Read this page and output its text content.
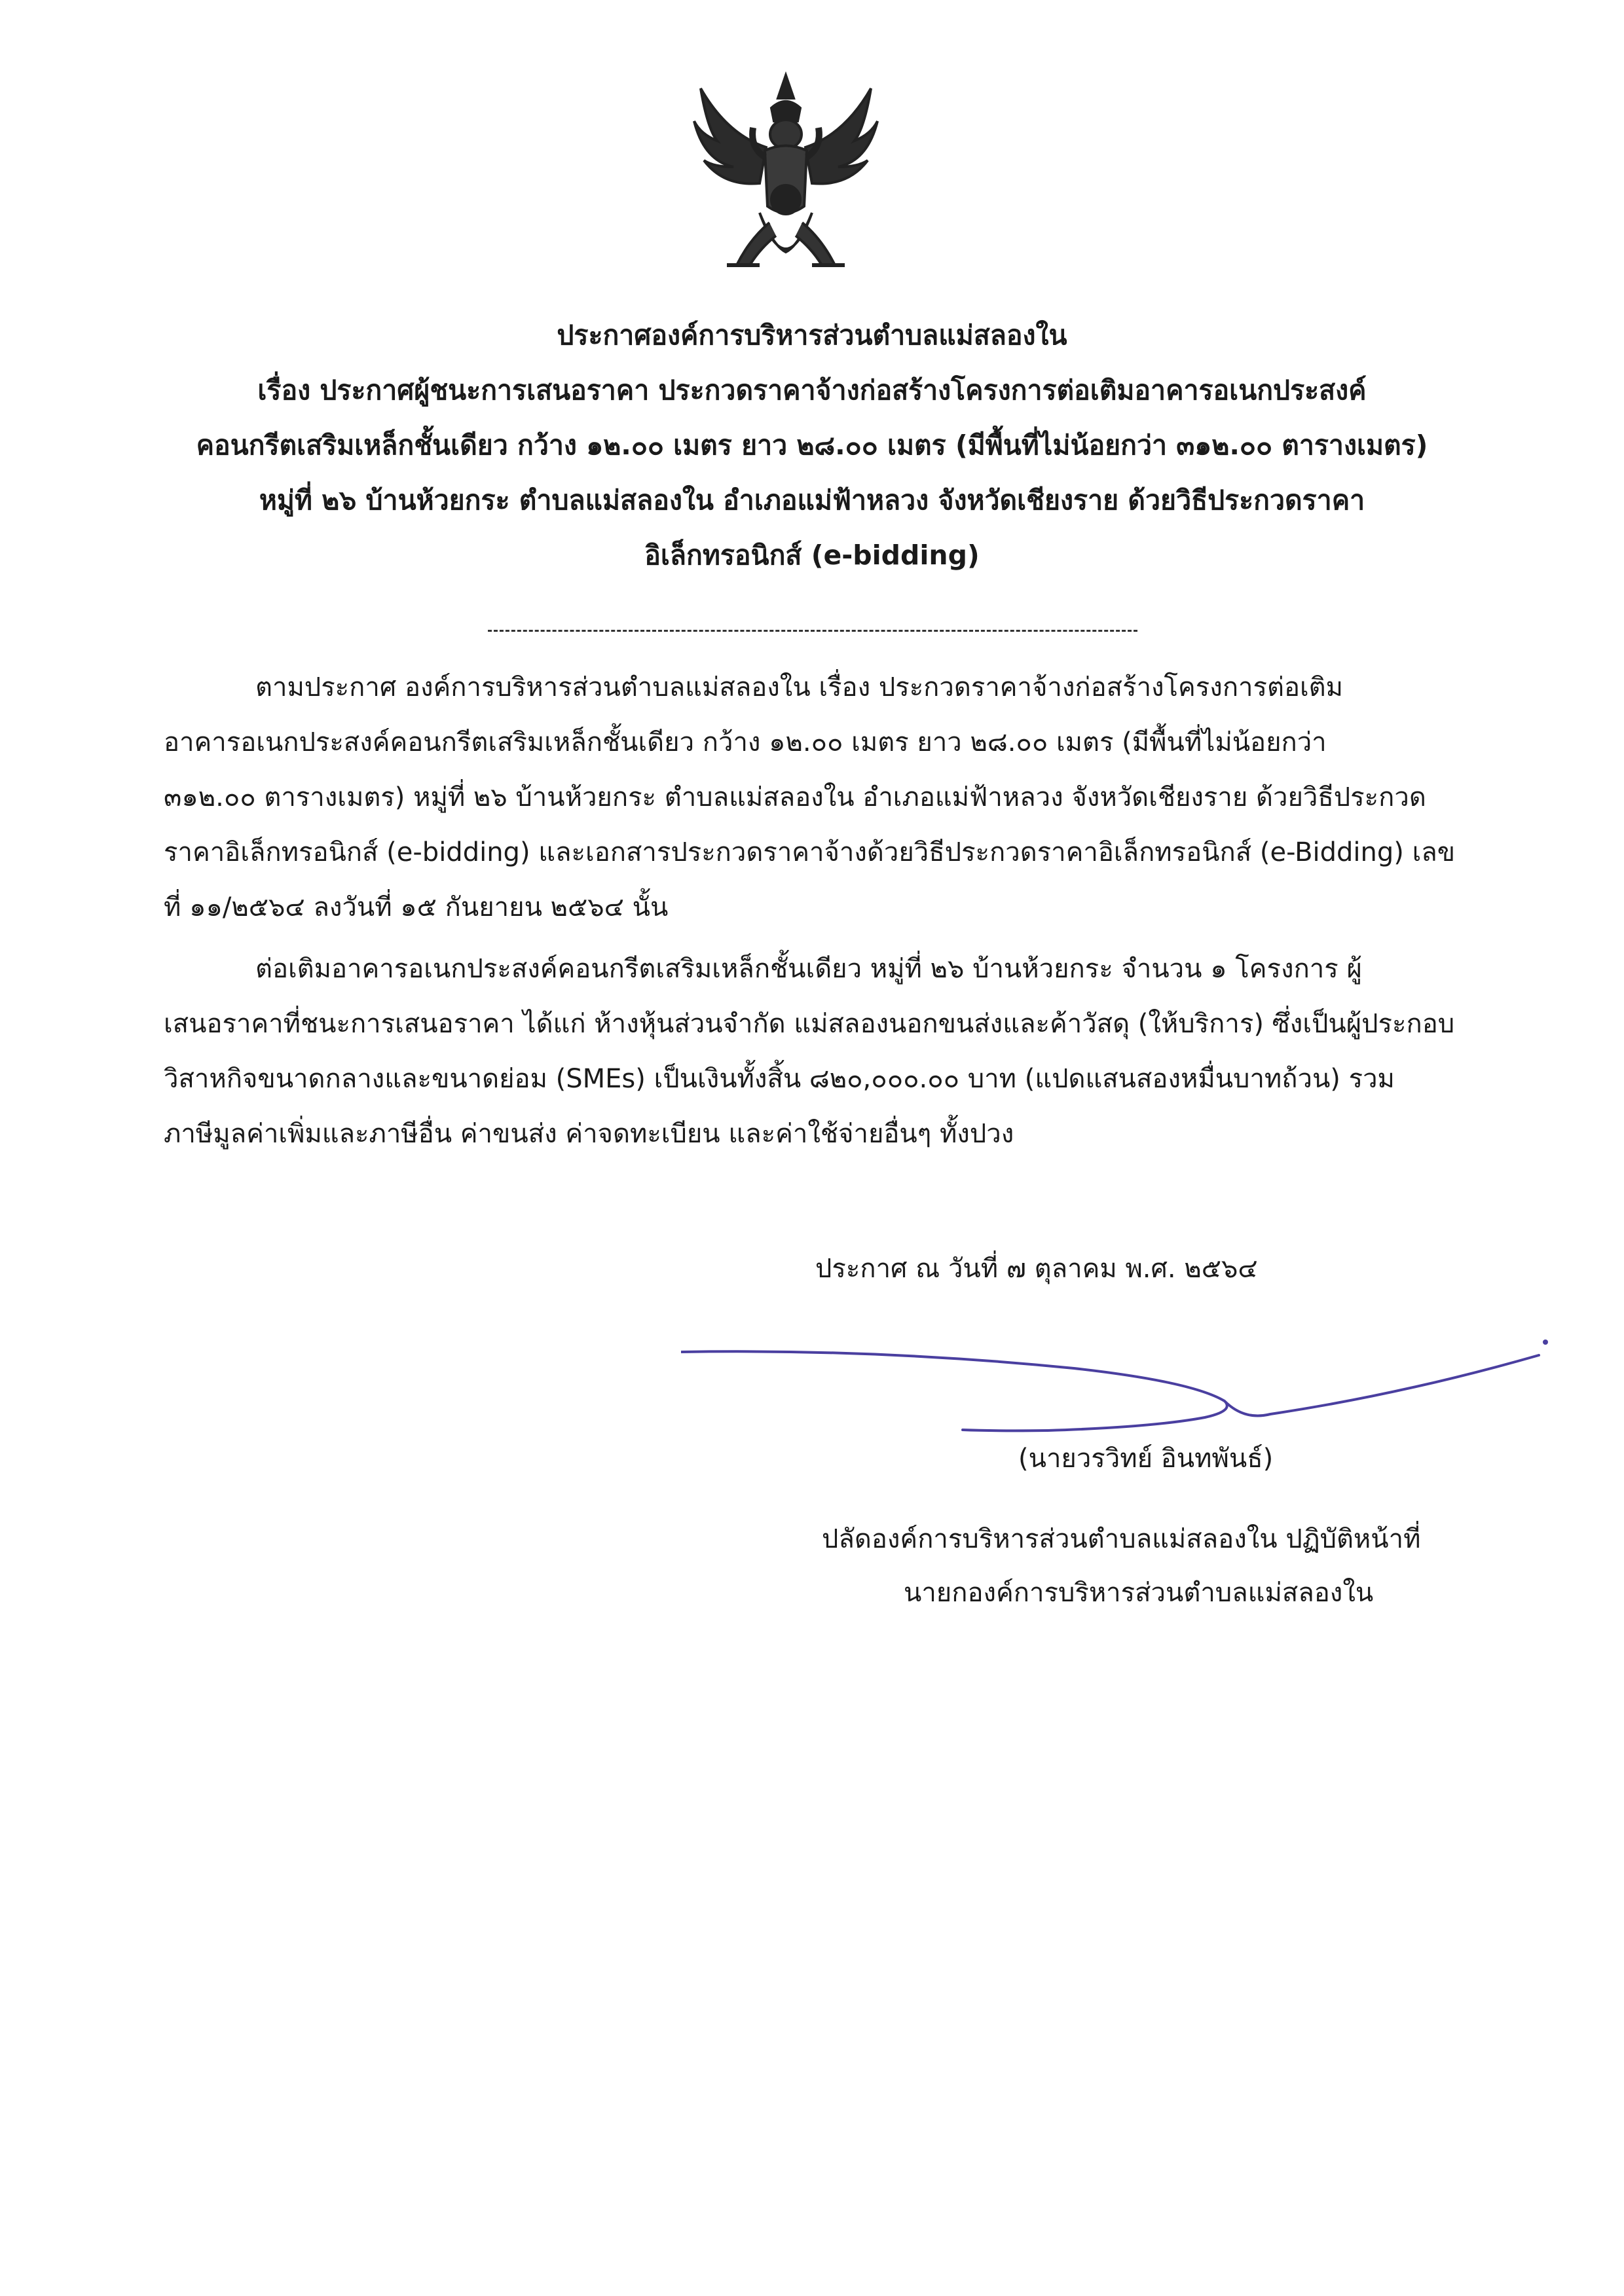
ประกาศองค์การบริหารส่วนตำบลแม่สลองใน
เรื่อง ประกาศผู้ชนะการเสนอราคา ประกวดราคาจ้างก่อสร้างโครงการต่อเติมอาคารอเนกประสงค์
คอนกรีตเสริมเหล็กชั้นเดียว กว้าง ๑๒.๐๐ เมตร ยาว ๒๘.๐๐ เมตร (มีพื้นที่ไม่น้อยกว่า ๓๑๒.๐๐ ตารางเมตร)
หมู่ที่ ๒๖ บ้านห้วยกระ ตำบลแม่สลองใน อำเภอแม่ฟ้าหลวง จังหวัดเชียงราย ด้วยวิธีประกวดราคา
อิเล็กทรอนิกส์ (e-bidding)
ตามประกาศ องค์การบริหารส่วนตำบลแม่สลองใน เรื่อง ประกวดราคาจ้างก่อสร้างโครงการต่อเติม
อาคารอเนกประสงค์คอนกรีตเสริมเหล็กชั้นเดียว กว้าง ๑๒.๐๐ เมตร ยาว ๒๘.๐๐ เมตร (มีพื้นที่ไม่น้อยกว่า
๓๑๒.๐๐ ตารางเมตร) หมู่ที่ ๒๖ บ้านห้วยกระ ตำบลแม่สลองใน อำเภอแม่ฟ้าหลวง จังหวัดเชียงราย ด้วยวิธีประกวด
ราคาอิเล็กทรอนิกส์ (e-bidding) และเอกสารประกวดราคาจ้างด้วยวิธีประกวดราคาอิเล็กทรอนิกส์ (e-Bidding) เลข
ที่ ๑๑/๒๕๖๔ ลงวันที่ ๑๕ กันยายน ๒๕๖๔ นั้น
ต่อเติมอาคารอเนกประสงค์คอนกรีตเสริมเหล็กชั้นเดียว หมู่ที่ ๒๖ บ้านห้วยกระ จำนวน ๑ โครงการ ผู้
เสนอราคาที่ชนะการเสนอราคา ได้แก่ ห้างหุ้นส่วนจำกัด แม่สลองนอกขนส่งและค้าวัสดุ (ให้บริการ) ซึ่งเป็นผู้ประกอบ
วิสาหกิจขนาดกลางและขนาดย่อม (SMEs) เป็นเงินทั้งสิ้น ๘๒๐,๐๐๐.๐๐ บาท (แปดแสนสองหมื่นบาทถ้วน) รวม
ภาษีมูลค่าเพิ่มและภาษีอื่น ค่าขนส่ง ค่าจดทะเบียน และค่าใช้จ่ายอื่นๆ ทั้งปวง
ประกาศ ณ วันที่ ๗ ตุลาคม พ.ศ. ๒๕๖๔
(นายวรวิทย์ อินทพันธ์)
ปลัดองค์การบริหารส่วนตำบลแม่สลองใน ปฏิบัติหน้าที่
นายกองค์การบริหารส่วนตำบลแม่สลองใน
